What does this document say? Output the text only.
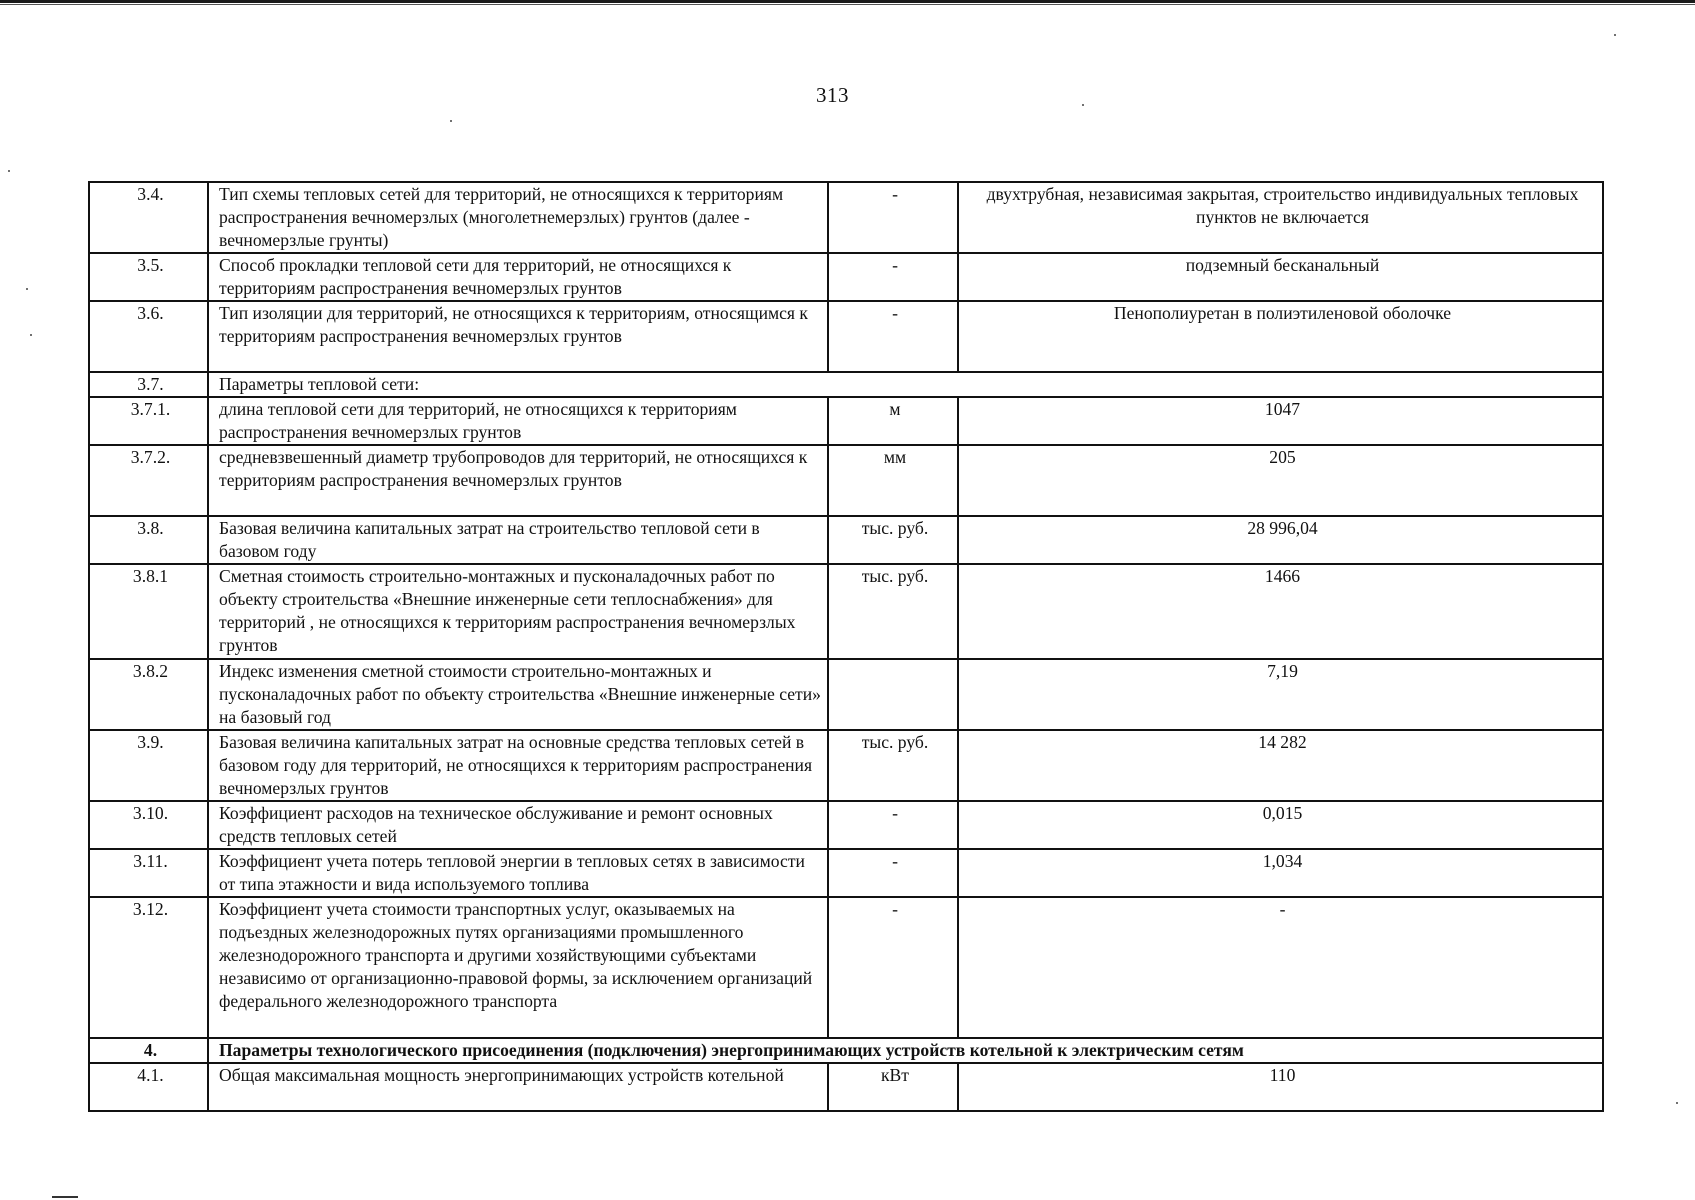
313
3.4.	Тип схемы тепловых сетей для территорий, не относящихся к территориям распространения вечномерзлых (многолетнемерзлых) грунтов (далее - вечномерзлые грунты)	-	двухтрубная, независимая закрытая, строительство индивидуальных тепловых пунктов не включается
3.5.	Способ прокладки тепловой сети для территорий, не относящихся к территориям распространения вечномерзлых грунтов	-	подземный бесканальный
3.6.	Тип изоляции для территорий, не относящихся к территориям, относящимся к территориям распространения вечномерзлых грунтов	-	Пенополиуретан в полиэтиленовой оболочке
3.7.	Параметры тепловой сети:		
3.7.1.	длина тепловой сети для территорий, не относящихся к территориям распространения вечномерзлых грунтов	м	1047
3.7.2.	средневзвешенный диаметр трубопроводов для территорий, не относящихся к территориям распространения вечномерзлых грунтов	мм	205
3.8.	Базовая величина капитальных затрат на строительство тепловой сети в базовом году	тыс. руб.	28 996,04
3.8.1	Сметная стоимость строительно-монтажных и пусконаладочных работ по объекту строительства «Внешние инженерные сети теплоснабжения» для территорий , не относящихся к территориям распространения вечномерзлых грунтов	тыс. руб.	1466
3.8.2	Индекс изменения сметной стоимости строительно-монтажных и пусконаладочных работ по объекту строительства «Внешние инженерные сети» на базовый год		7,19
3.9.	Базовая величина капитальных затрат на основные средства тепловых сетей в базовом году для территорий, не относящихся к территориям распространения вечномерзлых грунтов	тыс. руб.	14 282
3.10.	Коэффициент расходов на техническое обслуживание и ремонт основных средств тепловых сетей	-	0,015
3.11.	Коэффициент учета потерь тепловой энергии в тепловых сетях в зависимости от типа этажности и вида используемого топлива	-	1,034
3.12.	Коэффициент учета стоимости транспортных услуг, оказываемых на подъездных железнодорожных путях организациями промышленного железнодорожного транспорта и другими хозяйствующими субъектами независимо от организационно-правовой формы, за исключением организаций федерального железнодорожного транспорта	-	-
4.	Параметры технологического присоединения (подключения) энергопринимающих устройств котельной к электрическим сетям		
4.1.	Общая максимальная мощность энергопринимающих устройств котельной	кВт	110
